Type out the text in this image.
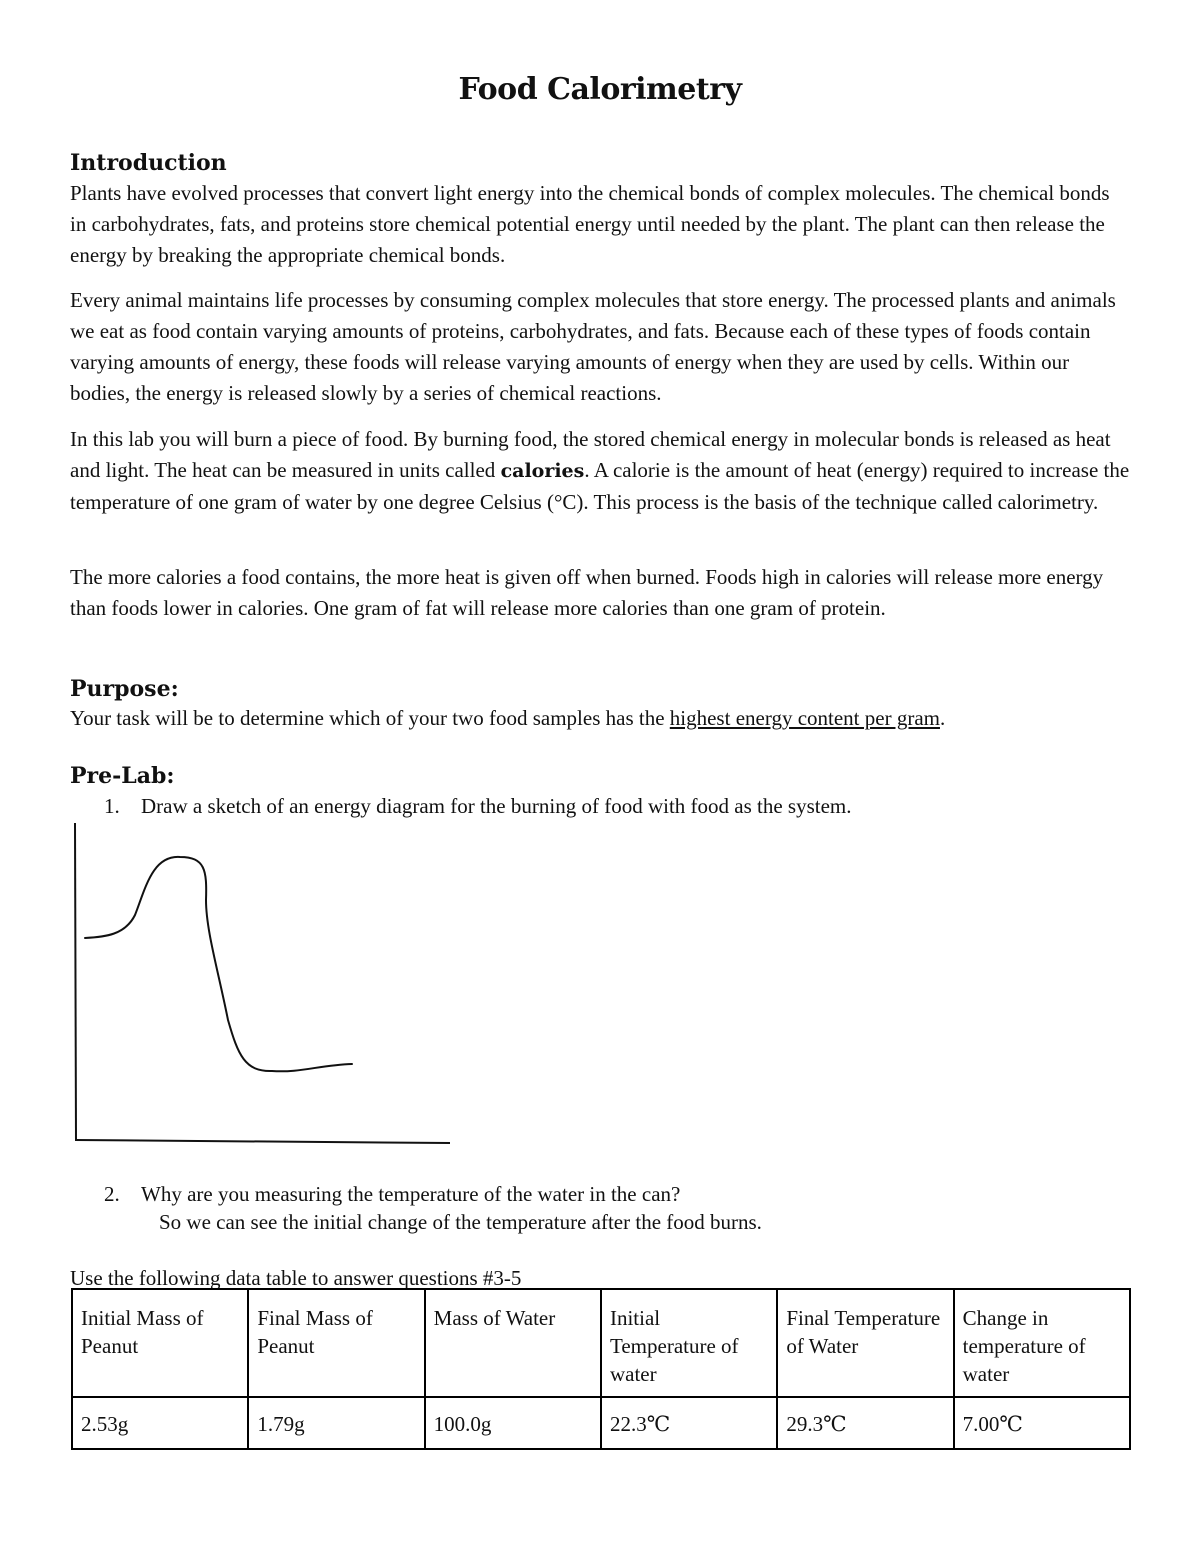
Food Calorimetry
Introduction
Plants have evolved processes that convert light energy into the chemical bonds of complex molecules. The chemical bonds in carbohydrates, fats, and proteins store chemical potential energy until needed by the plant. The plant can then release the energy by breaking the appropriate chemical bonds.
Every animal maintains life processes by consuming complex molecules that store energy. The processed plants and animals we eat as food contain varying amounts of proteins, carbohydrates, and fats. Because each of these types of foods contain varying amounts of energy, these foods will release varying amounts of energy when they are used by cells. Within our bodies, the energy is released slowly by a series of chemical reactions.
In this lab you will burn a piece of food. By burning food, the stored chemical energy in molecular bonds is released as heat and light. The heat can be measured in units called calories. A calorie is the amount of heat (energy) required to increase the temperature of one gram of water by one degree Celsius (°C). This process is the basis of the technique called calorimetry.
The more calories a food contains, the more heat is given off when burned. Foods high in calories will release more energy than foods lower in calories. One gram of fat will release more calories than one gram of protein.
Purpose:
Your task will be to determine which of your two food samples has the highest energy content per gram.
Pre-Lab:
1. Draw a sketch of an energy diagram for the burning of food with food as the system.
2. Why are you measuring the temperature of the water in the can?
So we can see the initial change of the temperature after the food burns.
Use the following data table to answer questions #3-5
Initial Mass of Peanut	Final Mass of Peanut	Mass of Water	Initial Temperature of water	Final Temperature of Water	Change in temperature of water
2.53g	1.79g	100.0g	22.3℃	29.3℃	7.00℃
